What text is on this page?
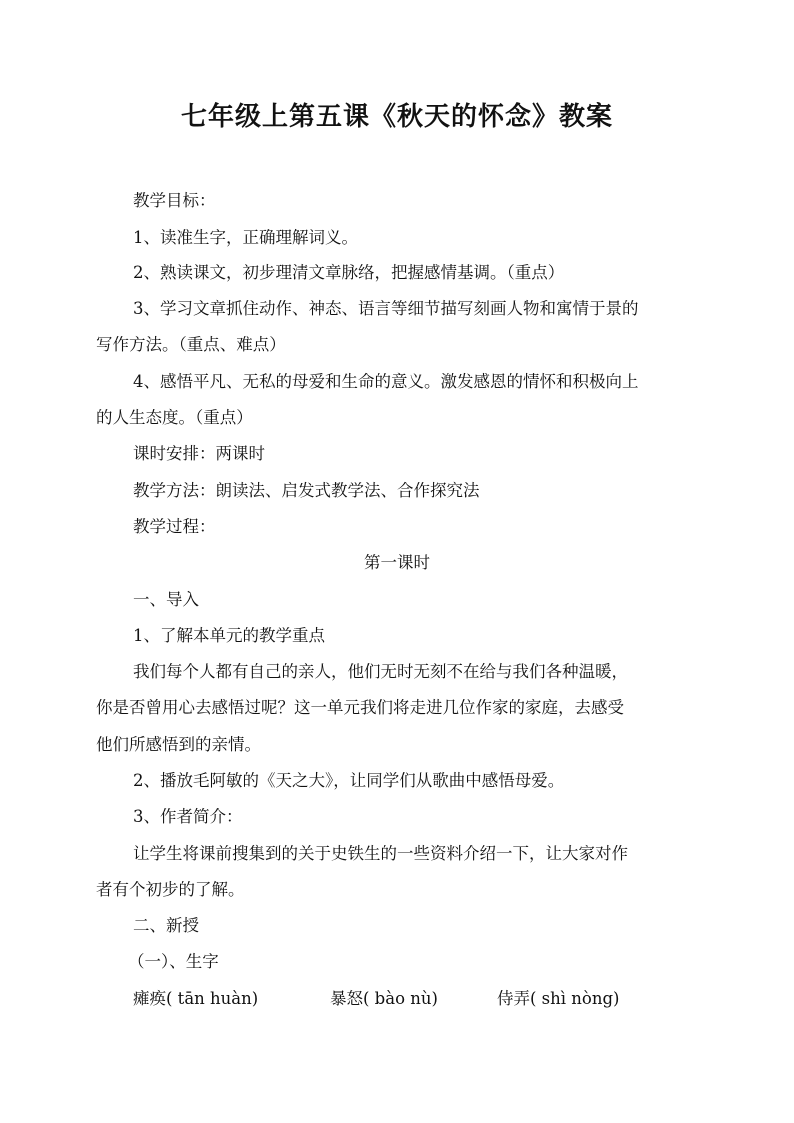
七年级上第五课《秋天的怀念》教案
教学目标：
1、读准生字，正确理解词义。
2、熟读课文，初步理清文章脉络，把握感情基调。（重点）
3、学习文章抓住动作、神态、语言等细节描写刻画人物和寓情于景的
写作方法。（重点、难点）
4、感悟平凡、无私的母爱和生命的意义。激发感恩的情怀和积极向上
的人生态度。（重点）
课时安排：两课时
教学方法：朗读法、启发式教学法、合作探究法
教学过程：
第一课时
一、导入
1、了解本单元的教学重点
我们每个人都有自己的亲人，他们无时无刻不在给与我们各种温暖，
你是否曾用心去感悟过呢？这一单元我们将走进几位作家的家庭，去感受
他们所感悟到的亲情。
2、播放毛阿敏的《天之大》，让同学们从歌曲中感悟母爱。
3、作者简介：
让学生将课前搜集到的关于史铁生的一些资料介绍一下，让大家对作
者有个初步的了解。
二、新授
（一）、生字
瘫痪( tān huàn)	暴怒( bào nù)	侍弄( shì nòng)
